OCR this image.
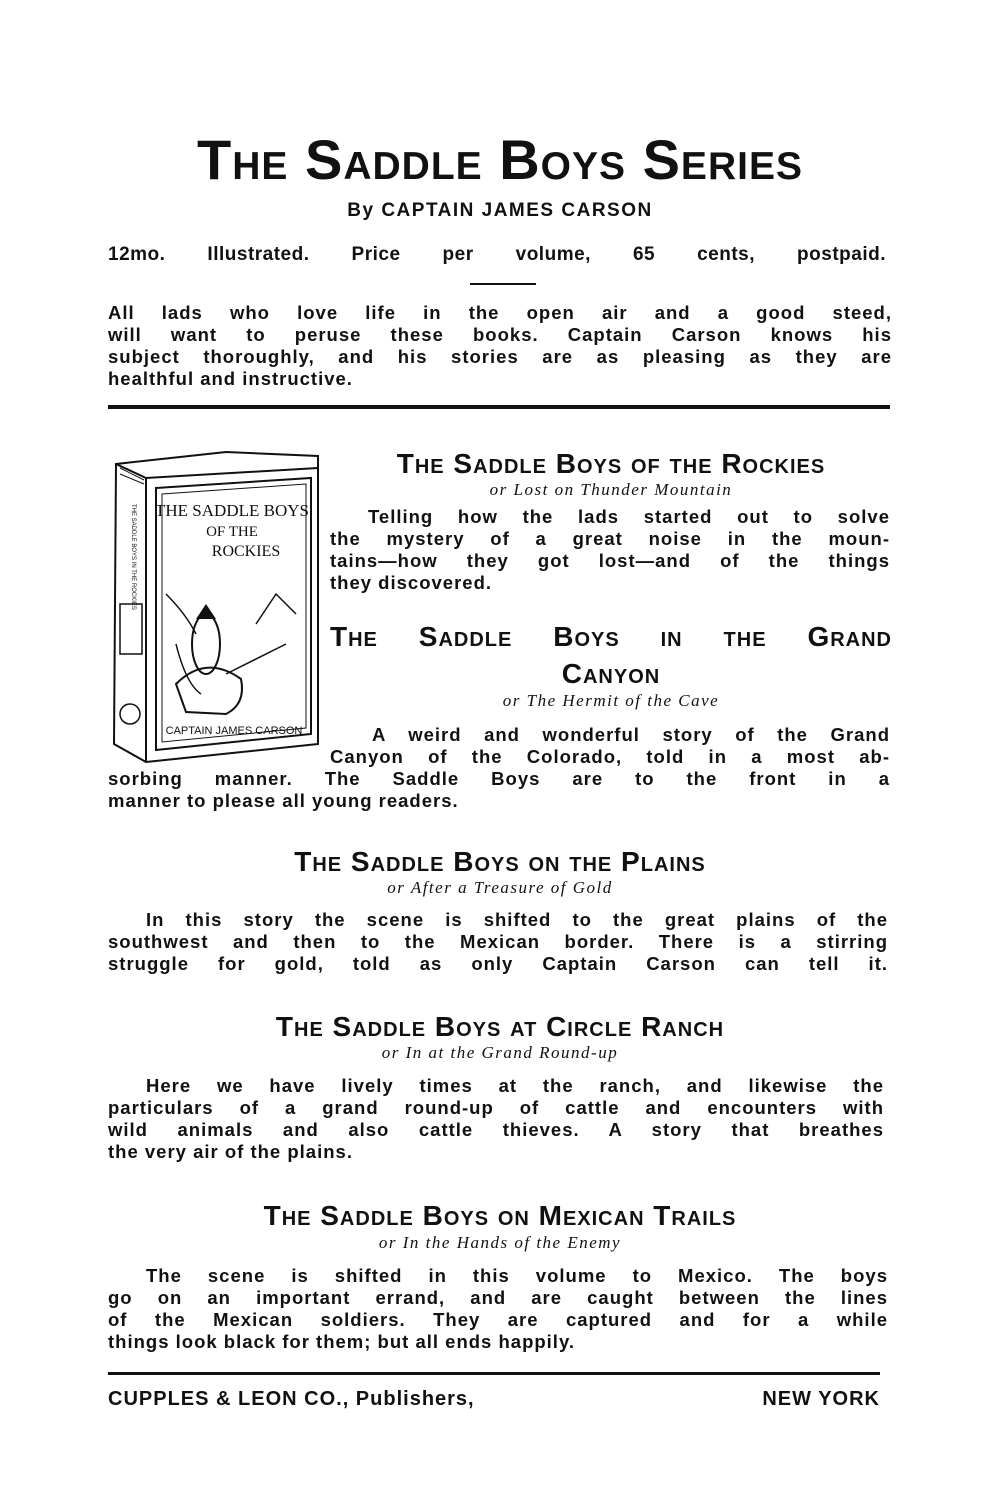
The Saddle Boys Series
By CAPTAIN JAMES CARSON
12mo. Illustrated. Price per volume, 65 cents, postpaid.
All lads who love life in the open air and a good steed,
will want to peruse these books. Captain Carson knows his
subject thoroughly, and his stories are as pleasing as they are
healthful and instructive.
THE SADDLE BOYS
OF THE
ROCKIES
CAPTAIN JAMES CARSON
THE SADDLE BOYS IN THE ROCKIES
The Saddle Boys of the Rockies
or Lost on Thunder Mountain
Telling how the lads started out to solve
the mystery of a great noise in the moun-
tains—how they got lost—and of the things
they discovered.
The Saddle Boys in the Grand
Canyon
or The Hermit of the Cave
A weird and wonderful story of the Grand
Canyon of the Colorado, told in a most ab-
sorbing manner. The Saddle Boys are to the front in a
manner to please all young readers.
The Saddle Boys on the Plains
or After a Treasure of Gold
In this story the scene is shifted to the great plains of the
southwest and then to the Mexican border. There is a stirring
struggle for gold, told as only Captain Carson can tell it.
The Saddle Boys at Circle Ranch
or In at the Grand Round-up
Here we have lively times at the ranch, and likewise the
particulars of a grand round-up of cattle and encounters with
wild animals and also cattle thieves. A story that breathes
the very air of the plains.
The Saddle Boys on Mexican Trails
or In the Hands of the Enemy
The scene is shifted in this volume to Mexico. The boys
go on an important errand, and are caught between the lines
of the Mexican soldiers. They are captured and for a while
things look black for them; but all ends happily.
CUPPLES & LEON CO., Publishers,	NEW YORK
